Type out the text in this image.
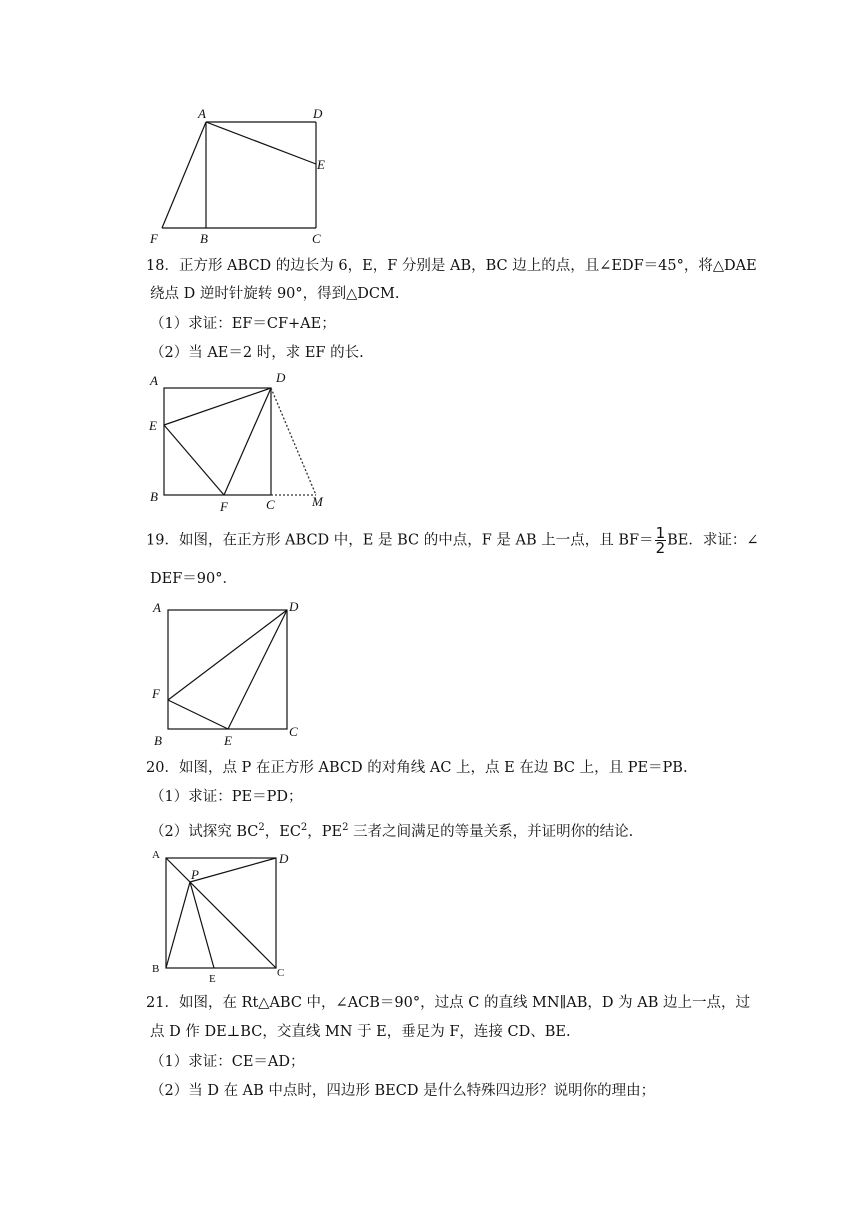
A	D
E
F	B	C
18．正方形 ABCD 的边长为 6，E，F 分别是 AB，BC 边上的点，且∠EDF＝45°，将△DAE
绕点 D 逆时针旋转 90°，得到△DCM.
（1）求证：EF＝CF+AE；
（2）当 AE＝2 时，求 EF 的长.
A	D
E
B
F	C	M
19．如图，在正方形 ABCD 中，E 是 BC 的中点，F 是 AB 上一点，且 $BF= \frac{1}{2}$ BE．求证：∠
DEF＝90°．
A	D
F
B	E
C
20．如图，点 P 在正方形 ABCD 的对角线 AC 上，点 E 在边 BC 上，且 PE＝PB.
（1）求证：PE＝PD；
（2）试探究 $BC^2$，$EC^2$，$PE^2$ 三者之间满足的等量关系，并证明你的结论.
A	D
P
B
E	C
21．如图，在 Rt△ABC 中，∠ACB＝90°，过点 C 的直线 MN∥AB，D 为 AB 边上一点，过
点 D 作 DE⊥BC，交直线 MN 于 E，垂足为 F，连接 CD、BE.
（1）求证：CE＝AD；
（2）当 D 在 AB 中点时，四边形 BECD 是什么特殊四边形？说明你的理由；
